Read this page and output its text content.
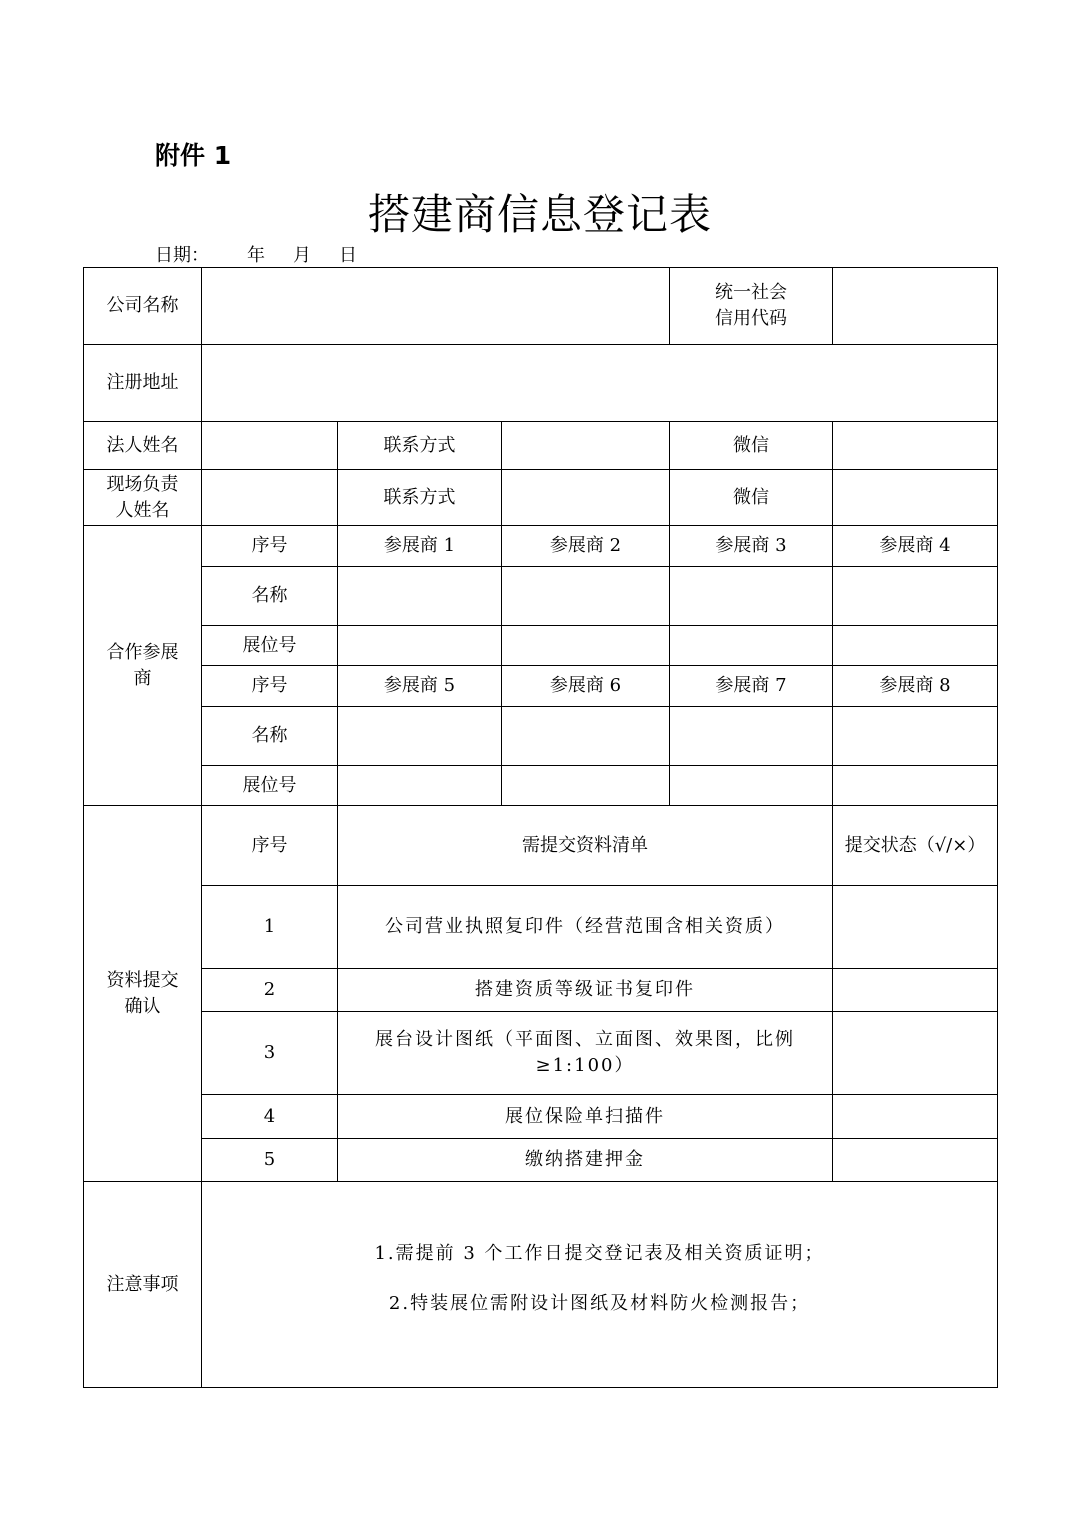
附件 1
搭建商信息登记表
日期： 年 月 日
公司名称				统一社会
信用代码	
注册地址					
法人姓名		联系方式		微信	
现场负责
人姓名		联系方式		微信	
合作参展商	序号	参展商 1	参展商 2	参展商 3	参展商 4
	名称				
	展位号				
	序号	参展商 5	参展商 6	参展商 7	参展商 8
	名称				
	展位号				
资料提交
确认	序号	需提交资料清单			提交状态（√/×）
	1	公司营业执照复印件（经营范围含相关资质）			
	2	搭建资质等级证书复印件			
	3	展台设计图纸（平面图、立面图、效果图，比例≥1:100）			
	4	展位保险单扫描件			
	5	缴纳搭建押金			
注意事项	1.需提前 3 个工作日提交登记表及相关资质证明；

2.特装展位需附设计图纸及材料防火检测报告；				
